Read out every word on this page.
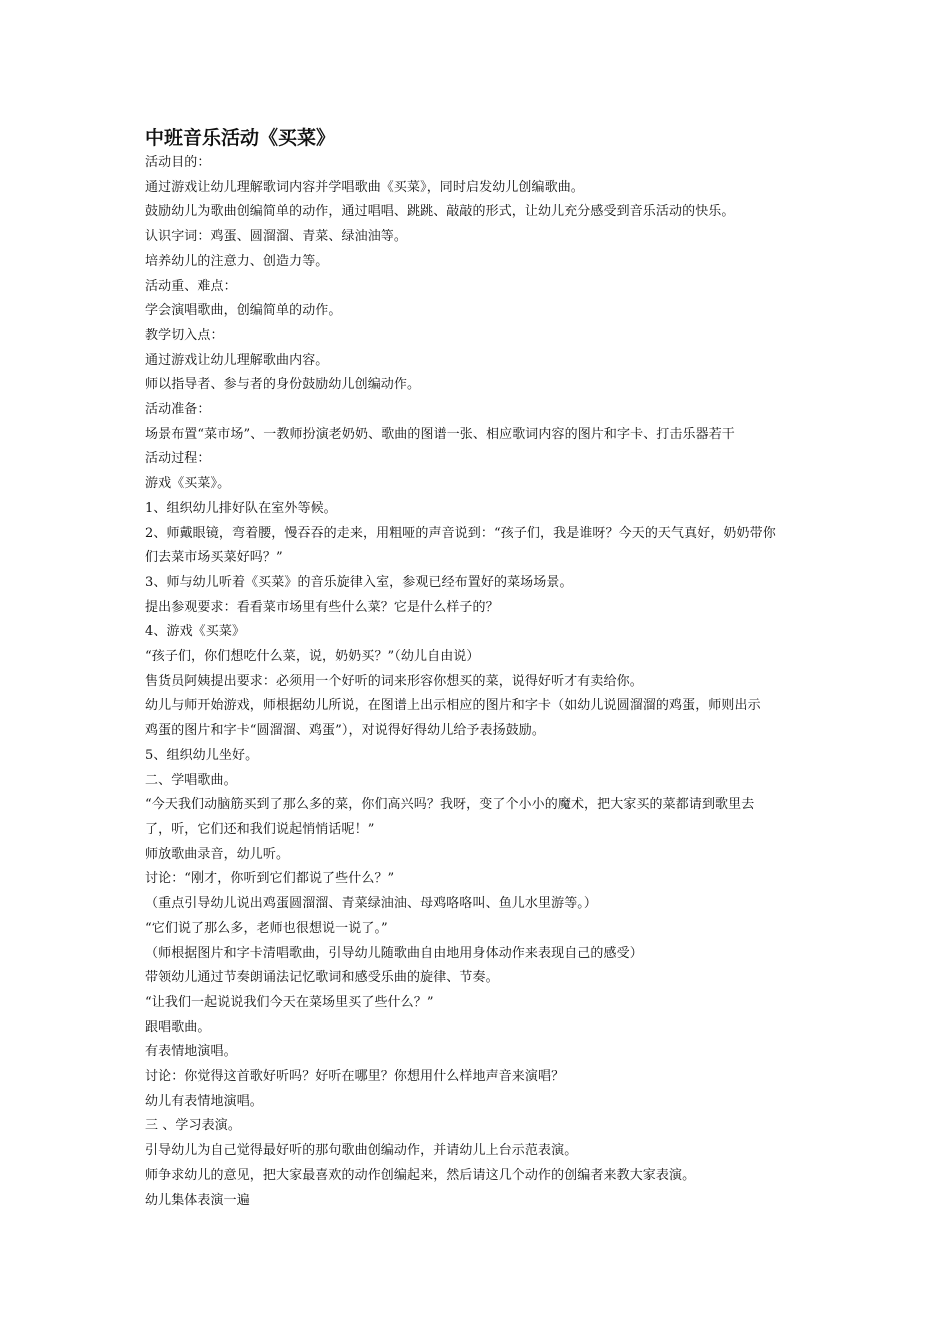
中班音乐活动《买菜》

活动目的：

通过游戏让幼儿理解歌词内容并学唱歌曲《买菜》，同时启发幼儿创编歌曲。

鼓励幼儿为歌曲创编简单的动作，通过唱唱、跳跳、敲敲的形式，让幼儿充分感受到音乐活动的快乐。

认识字词：鸡蛋、圆溜溜、青菜、绿油油等。

培养幼儿的注意力、创造力等。

活动重、难点：

学会演唱歌曲，创编简单的动作。

教学切入点：

通过游戏让幼儿理解歌曲内容。

师以指导者、参与者的身份鼓励幼儿创编动作。

活动准备：

场景布置“菜市场”、一教师扮演老奶奶、歌曲的图谱一张、相应歌词内容的图片和字卡、打击乐器若干

活动过程：

游戏《买菜》。

1、组织幼儿排好队在室外等候。

2、师戴眼镜，弯着腰，慢吞吞的走来，用粗哑的声音说到：“孩子们，我是谁呀？今天的天气真好，奶奶带你

们去菜市场买菜好吗？”

3、师与幼儿听着《买菜》的音乐旋律入室，参观已经布置好的菜场场景。

提出参观要求：看看菜市场里有些什么菜？它是什么样子的？

4、游戏《买菜》

“孩子们，你们想吃什么菜，说，奶奶买？”（幼儿自由说）

售货员阿姨提出要求：必须用一个好听的词来形容你想买的菜，说得好听才有卖给你。

幼儿与师开始游戏，师根据幼儿所说，在图谱上出示相应的图片和字卡（如幼儿说圆溜溜的鸡蛋，师则出示

鸡蛋的图片和字卡“圆溜溜、鸡蛋”），对说得好得幼儿给予表扬鼓励。

5、组织幼儿坐好。

二、学唱歌曲。

“今天我们动脑筋买到了那么多的菜，你们高兴吗？我呀，变了个小小的魔术，把大家买的菜都请到歌里去

了，听，它们还和我们说起悄悄话呢！”

师放歌曲录音，幼儿听。

讨论：“刚才，你听到它们都说了些什么？”

（重点引导幼儿说出鸡蛋圆溜溜、青菜绿油油、母鸡咯咯叫、鱼儿水里游等。）

“它们说了那么多，老师也很想说一说了。”

（师根据图片和字卡清唱歌曲，引导幼儿随歌曲自由地用身体动作来表现自己的感受）

带领幼儿通过节奏朗诵法记忆歌词和感受乐曲的旋律、节奏。

“让我们一起说说我们今天在菜场里买了些什么？”

跟唱歌曲。

有表情地演唱。

讨论：你觉得这首歌好听吗？好听在哪里？你想用什么样地声音来演唱？

幼儿有表情地演唱。

三 、学习表演。

引导幼儿为自己觉得最好听的那句歌曲创编动作，并请幼儿上台示范表演。

师争求幼儿的意见，把大家最喜欢的动作创编起来，然后请这几个动作的创编者来教大家表演。

幼儿集体表演一遍
